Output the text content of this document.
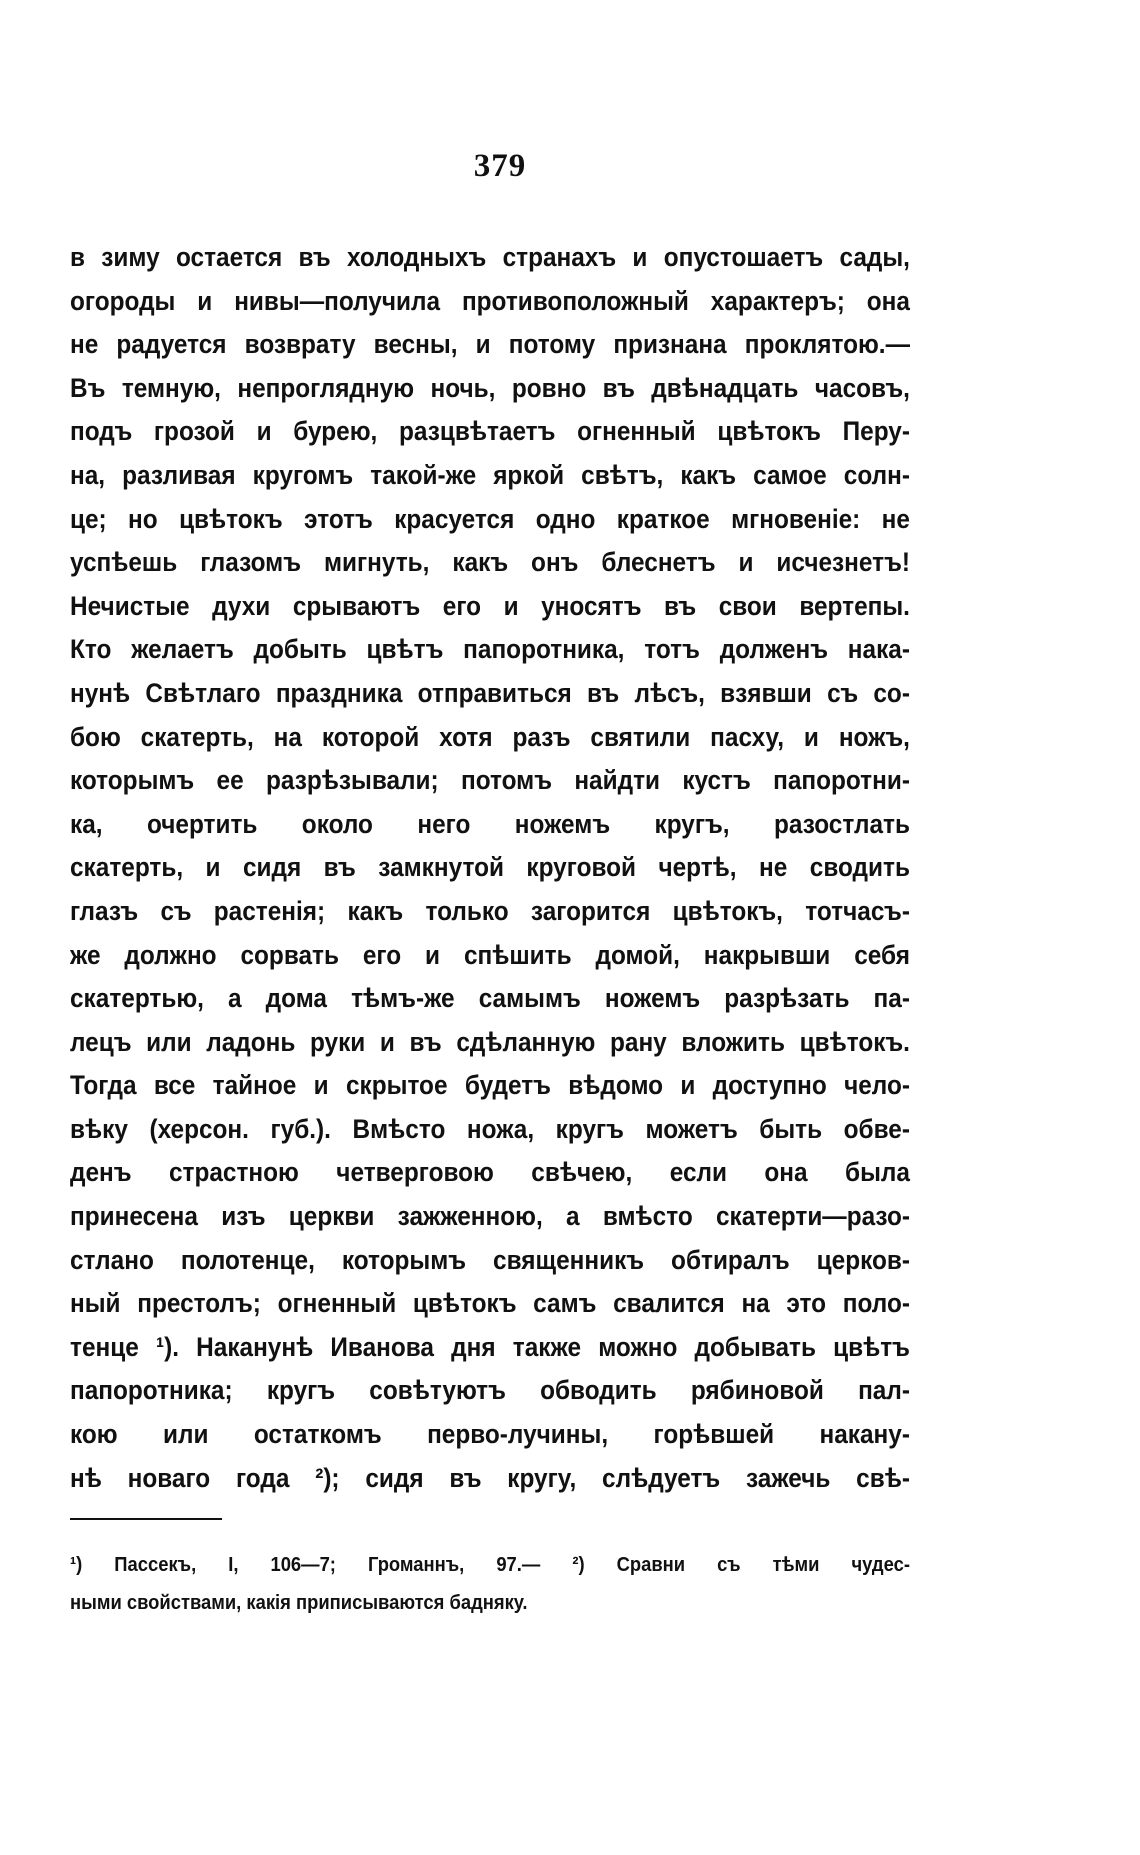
379
в зиму остается въ холодныхъ странахъ и опустошаетъ сады,
огороды и нивы—получила противоположный характеръ; она
не радуется возврату весны, и потому признана проклятою.—
Въ темную, непроглядную ночь, ровно въ двѣнадцать часовъ,
подъ грозой и бурею, разцвѣтаетъ огненный цвѣтокъ Перу-
на, разливая кругомъ такой-же яркой свѣтъ, какъ самое солн-
це; но цвѣтокъ этотъ красуется одно краткое мгновеніе: не
успѣешь глазомъ мигнуть, какъ онъ блеснетъ и исчезнетъ!
Нечистые духи срываютъ его и уносятъ въ свои вертепы.
Кто желаетъ добыть цвѣтъ папоротника, тотъ долженъ нака-
нунѣ Свѣтлаго праздника отправиться въ лѣсъ, взявши съ со-
бою скатерть, на которой хотя разъ святили пасху, и ножъ,
которымъ ее разрѣзывали; потомъ найдти кустъ папоротни-
ка, очертить около него ножемъ кругъ, разостлать
скатерть, и сидя въ замкнутой круговой чертѣ, не сводить
глазъ съ растенія; какъ только загорится цвѣтокъ, тотчасъ-
же должно сорвать его и спѣшить домой, накрывши себя
скатертью, а дома тѣмъ-же самымъ ножемъ разрѣзать па-
лецъ или ладонь руки и въ сдѣланную рану вложить цвѣтокъ.
Тогда все тайное и скрытое будетъ вѣдомо и доступно чело-
вѣку (херсон. губ.). Вмѣсто ножа, кругъ можетъ быть обве-
денъ страстною четверговою свѣчею, если она была
принесена изъ церкви зажженною, а вмѣсто скатерти—разо-
стлано полотенце, которымъ священникъ обтиралъ церков-
ный престолъ; огненный цвѣтокъ самъ свалится на это поло-
тенце ¹). Наканунѣ Иванова дня также можно добывать цвѣтъ
папоротника; кругъ совѣтуютъ обводить рябиновой пал-
кою или остаткомъ перво-лучины, горѣвшей накану-
нѣ новаго года ²); сидя въ кругу, слѣдуетъ зажечь свѣ-
¹) Пассекъ, I, 106—7; Громаннъ, 97.— ²) Сравни съ тѣми чудес-
ными свойствами, какія приписываются бадняку.
